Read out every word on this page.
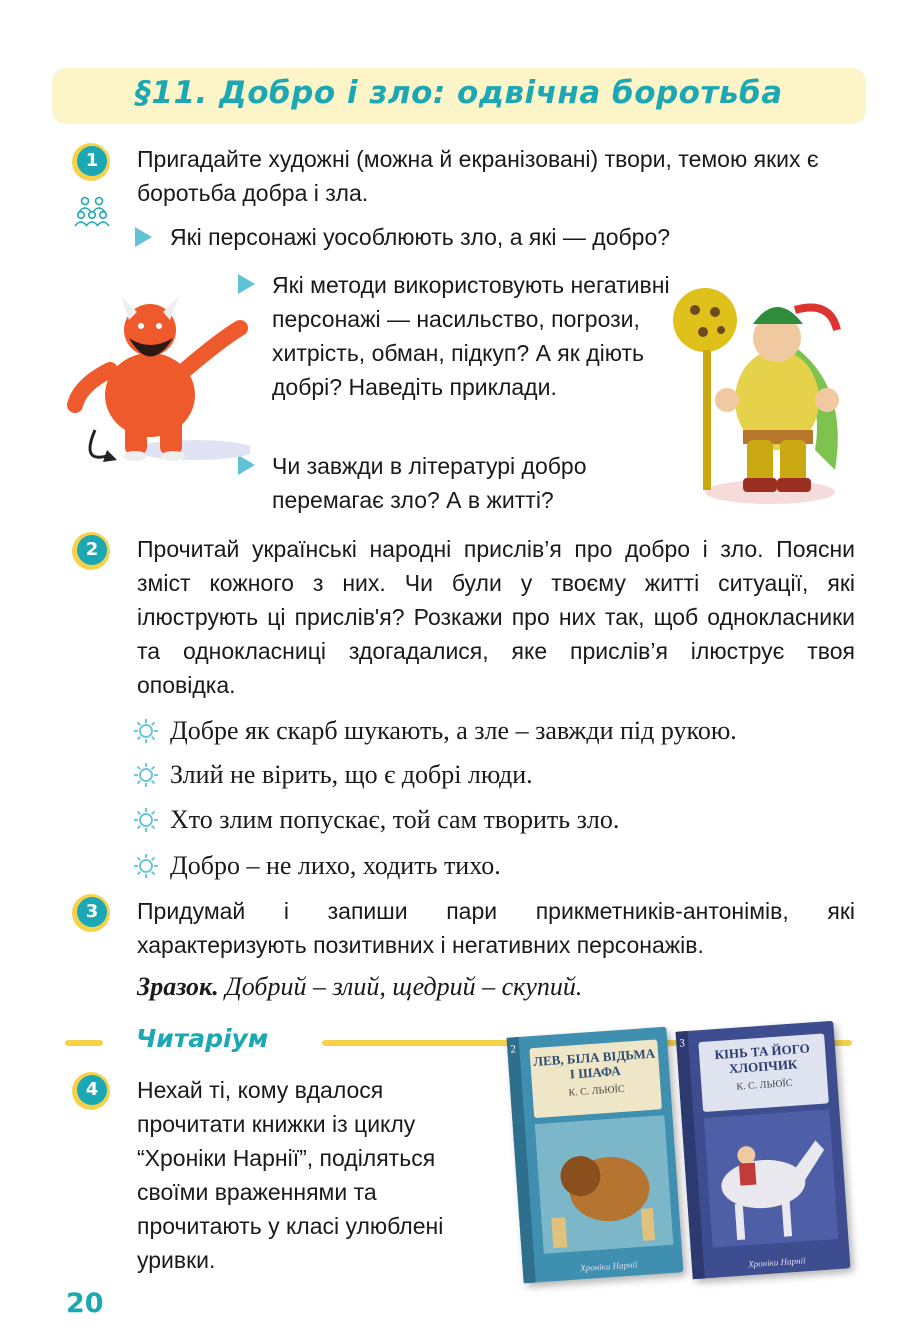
§11. Добро і зло: одвічна боротьба
1	Пригадайте художні (можна й екранізовані) твори, темою яких є боротьба добра і зла.
Які персонажі уособлюють зло, а які — добро?
Які методи використовують негативні персонажі — насильство, погрози, хитрість, обман, підкуп? А як діють добрі? Наведіть приклади.
Чи завжди в літературі добро перемагає зло? А в житті?
2	Прочитай українські народні прислів’я про добро і зло. Поясни зміст кожного з них. Чи були у твоєму житті ситуації, які ілюструють ці прислів'я? Розкажи про них так, щоб однокласники та однокласниці здогадалися, яке прислів’я ілюструє твоя оповідка.
Добре як скарб шукають, а зле – завжди під рукою.
Злий не вірить, що є добрі люди.
Хто злим попускає, той сам творить зло.
Добро – не лихо, ходить тихо.
3	Придумай і запиши пари прикметників-антонімів, які характеризують позитивних і негативних персонажів.
Зразок. Добрий – злий, щедрий – скупий.
Читаріум
4	Нехай ті, кому вдалося прочитати книжки із циклу “Хроніки Нарнії”, поділяться своїми враженнями та прочитають у класі улюблені уривки.
2 ЛЕВ, БІЛА ВІДЬМА І ШАФА
К. С. ЛЬЮЇС
Хроніки Нарнії
3	КІНЬ ТА ЙОГО ХЛОПЧИК
К. С. ЛЬЮЇС
Хроніки Нарнії
20
